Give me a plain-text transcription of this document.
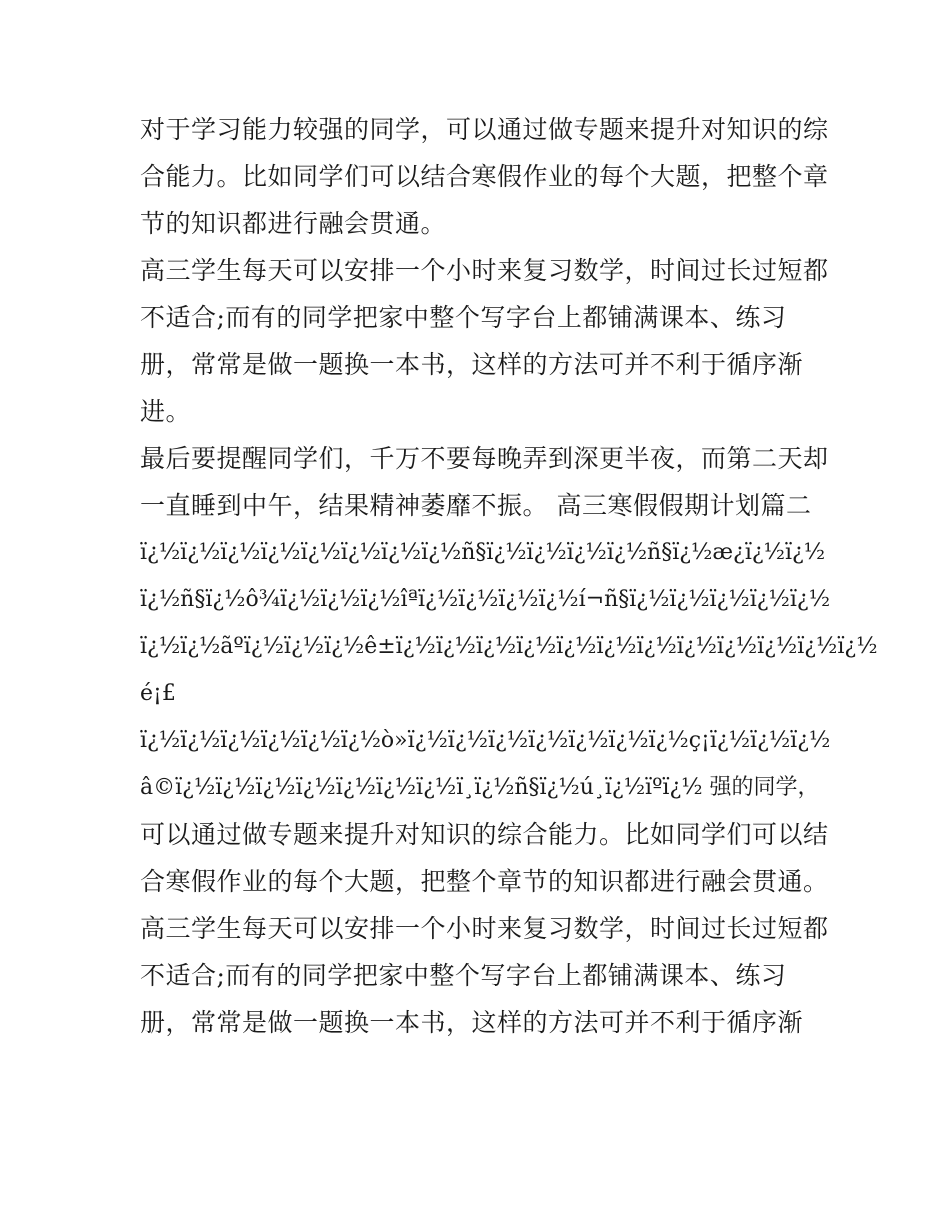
对于学习能力较强的同学，可以通过做专题来提升对知识的综
合能力。比如同学们可以结合寒假作业的每个大题，把整个章
节的知识都进行融会贯通。
高三学生每天可以安排一个小时来复习数学，时间过长过短都
不适合;而有的同学把家中整个写字台上都铺满课本、练习
册，常常是做一题换一本书，这样的方法可并不利于循序渐
进。
最后要提醒同学们，千万不要每晚弄到深更半夜，而第二天却
一直睡到中午，结果精神萎靡不振。 高三寒假假期计划篇二
ï¿½ï¿½ï¿½ï¿½ï¿½ï¿½ï¿½ï¿½ñ§ï¿½ï¿½ï¿½ï¿½ñ§ï¿½æ¿ï¿½ï¿½
ï¿½ñ§ï¿½ô¾ï¿½ï¿½ï¿½îªï¿½ï¿½ï¿½ï¿½í¬ñ§ï¿½ï¿½ï¿½ï¿½ï¿½
ï¿½ï¿½ãºï¿½ï¿½ï¿½ê±ï¿½ï¿½ï¿½ï¿½ï¿½ï¿½ï¿½ï¿½ï¿½ï¿½ï¿½ï¿½
é¡£
ï¿½ï¿½ï¿½ï¿½ï¿½ï¿½ò»ï¿½ï¿½ï¿½ï¿½ï¿½ï¿½ï¿½ç¡ï¿½ï¿½ï¿½
â©ï¿½ï¿½ï¿½ï¿½ï¿½ï¿½ï¿½ï¸ï¿½ñ§ï¿½ú¸ï¿½ïºï¿½ 强的同学，
可以通过做专题来提升对知识的综合能力。比如同学们可以结
合寒假作业的每个大题，把整个章节的知识都进行融会贯通。
高三学生每天可以安排一个小时来复习数学，时间过长过短都
不适合;而有的同学把家中整个写字台上都铺满课本、练习
册，常常是做一题换一本书，这样的方法可并不利于循序渐
